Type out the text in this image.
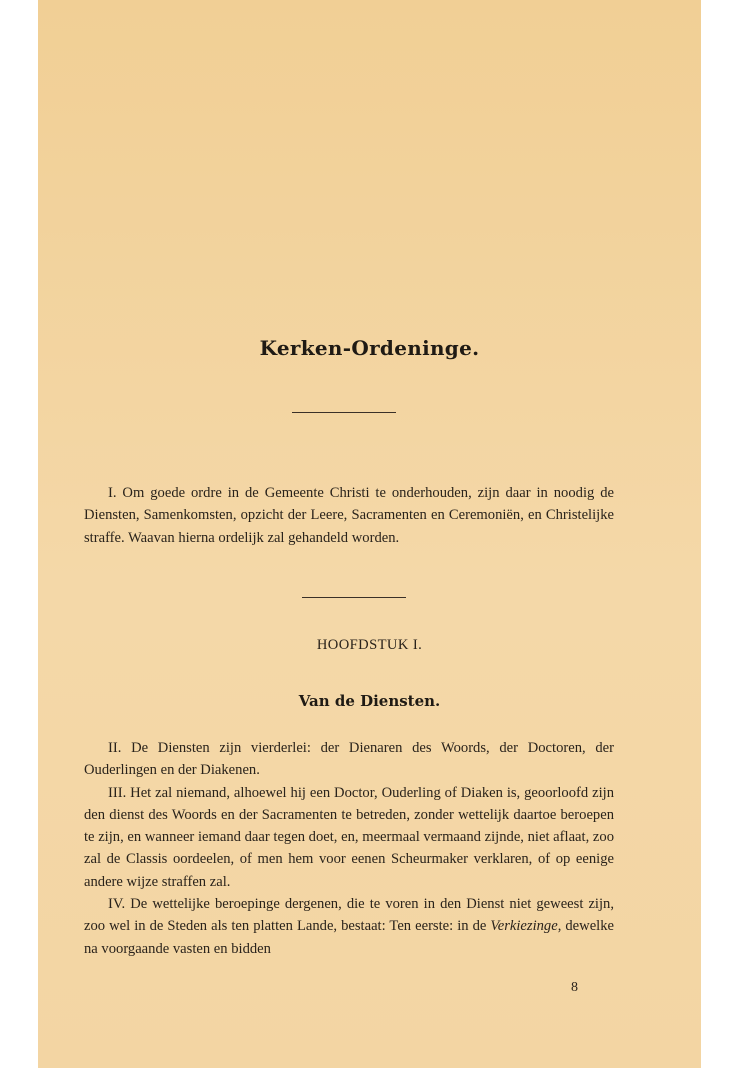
Kerken-Ordeninge.

I. Om goede ordre in de Gemeente Christi te onderhouden, zijn daar in noodig de Diensten, Samenkomsten, opzicht der Leere, Sacramenten en Ceremoniën, en Christelijke straffe. Waavan hierna ordelijk zal gehandeld worden.

HOOFDSTUK I.
Van de Diensten.

II. De Diensten zijn vierderlei: der Dienaren des Woords, der Doctoren, der Ouderlingen en der Diakenen.

III. Het zal niemand, alhoewel hij een Doctor, Ouderling of Diaken is, geoorloofd zijn den dienst des Woords en der Sacramenten te betreden, zonder wettelijk daartoe beroepen te zijn, en wanneer iemand daar tegen doet, en, meermaal vermaand zijnde, niet aflaat, zoo zal de Classis oordeelen, of men hem voor eenen Scheurmaker verklaren, of op eenige andere wijze straffen zal.

IV. De wettelijke beroepinge dergenen, die te voren in den Dienst niet geweest zijn, zoo wel in de Steden als ten platten Lande, bestaat: Ten eerste: in de Verkiezinge, dewelke na voorgaande vasten en bidden

8
